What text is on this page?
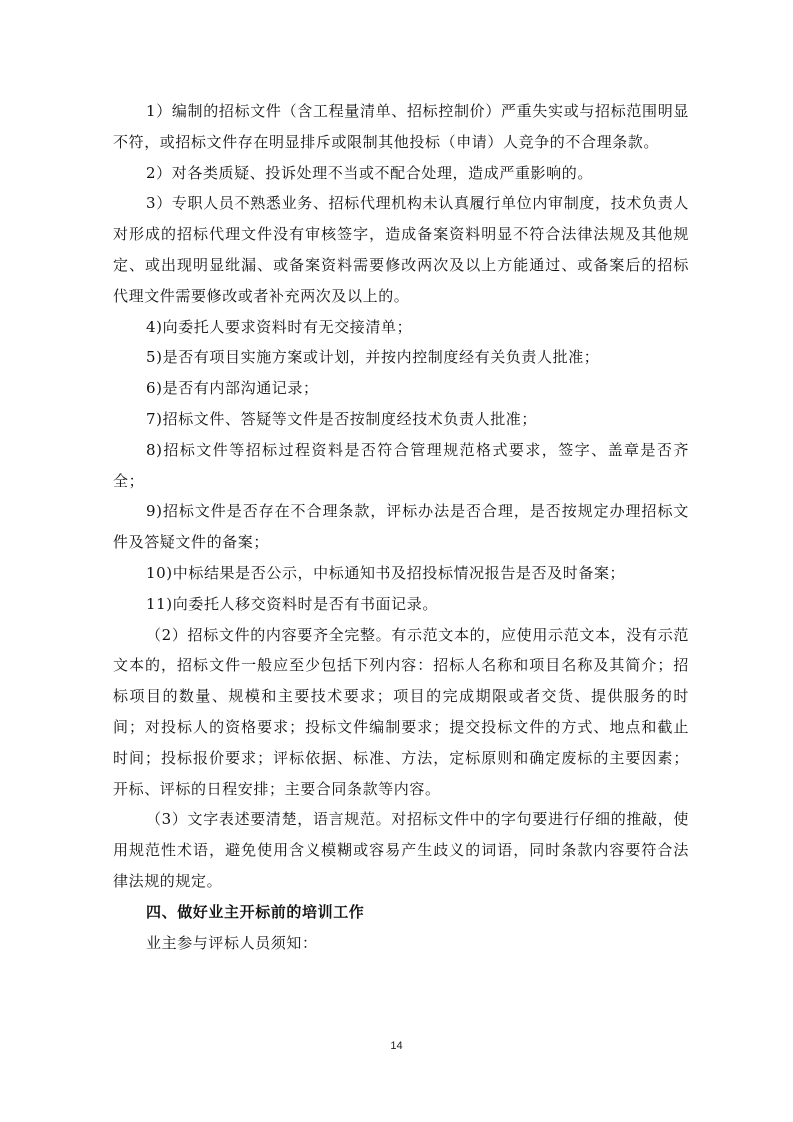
1）编制的招标文件（含工程量清单、招标控制价）严重失实或与招标范围明显不符，或招标文件存在明显排斥或限制其他投标（申请）人竞争的不合理条款。

2）对各类质疑、投诉处理不当或不配合处理，造成严重影响的。

3）专职人员不熟悉业务、招标代理机构未认真履行单位内审制度，技术负责人对形成的招标代理文件没有审核签字，造成备案资料明显不符合法律法规及其他规定、或出现明显纰漏、或备案资料需要修改两次及以上方能通过、或备案后的招标代理文件需要修改或者补充两次及以上的。

4)向委托人要求资料时有无交接清单；

5)是否有项目实施方案或计划，并按内控制度经有关负责人批准；

6)是否有内部沟通记录；

7)招标文件、答疑等文件是否按制度经技术负责人批准；

8)招标文件等招标过程资料是否符合管理规范格式要求，签字、盖章是否齐全；

9)招标文件是否存在不合理条款，评标办法是否合理，是否按规定办理招标文件及答疑文件的备案；

10)中标结果是否公示，中标通知书及招投标情况报告是否及时备案；

11)向委托人移交资料时是否有书面记录。

（2）招标文件的内容要齐全完整。有示范文本的，应使用示范文本，没有示范文本的，招标文件一般应至少包括下列内容：招标人名称和项目名称及其简介；招标项目的数量、规模和主要技术要求；项目的完成期限或者交货、提供服务的时间；对投标人的资格要求；投标文件编制要求；提交投标文件的方式、地点和截止时间；投标报价要求；评标依据、标准、方法，定标原则和确定废标的主要因素；开标、评标的日程安排；主要合同条款等内容。

（3）文字表述要清楚，语言规范。对招标文件中的字句要进行仔细的推敲，使用规范性术语，避免使用含义模糊或容易产生歧义的词语，同时条款内容要符合法律法规的规定。

四、做好业主开标前的培训工作

业主参与评标人员须知：

14
